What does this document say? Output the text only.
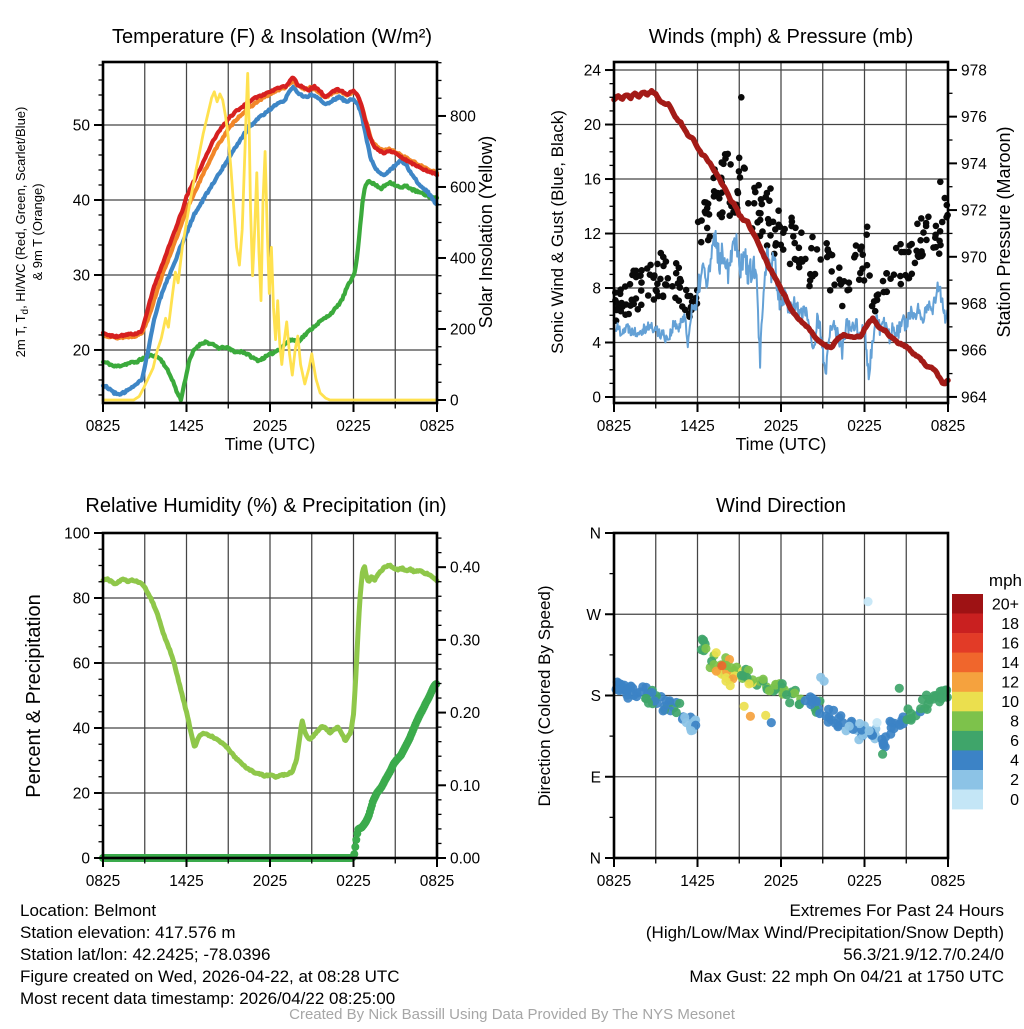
0825	1425	2025	0225	0825
20
30
40
50
0
200
400
600
800
2m T, $T_d$, HI/WC (Red, Green, Scarlet/Blue) & 9m T (Orange)
0825	1425	2025	0225	0825
0
4
8
12
16
20
24
964
966
968
970
972
974
976
978
0825	1425	2025	0225	0825
0
20
40
60
80
100
0.00
0.10
0.20
0.30
0.40
0825	1425	2025	0225	0825
N
E
S
W
N
mph
20+
18
16
14
12
10
8
6
4
2
0
Temperature (F) & Insolation (W/m²)	Winds (mph) & Pressure (mb)
Relative Humidity (%) & Precipitation (in)	Wind Direction
Time (UTC)	Time (UTC)
Solar Insolation (Yellow)	Sonic Wind & Gust (Blue, Black)	Station Pressure (Maroon)
Percent & Precipitation	Direction (Colored By Speed)
Location: Belmont
Station elevation: 417.576 m
Station lat/lon: 42.2425; -78.0396
Figure created on Wed, 2026-04-22, at 08:28 UTC
Most recent data timestamp: 2026/04/22 08:25:00
Extremes For Past 24 Hours
(High/Low/Max Wind/Precipitation/Snow Depth)
56.3/21.9/12.7/0.24/0
Max Gust: 22 mph On 04/21 at 1750 UTC
Created By Nick Bassill Using Data Provided By The NYS Mesonet
